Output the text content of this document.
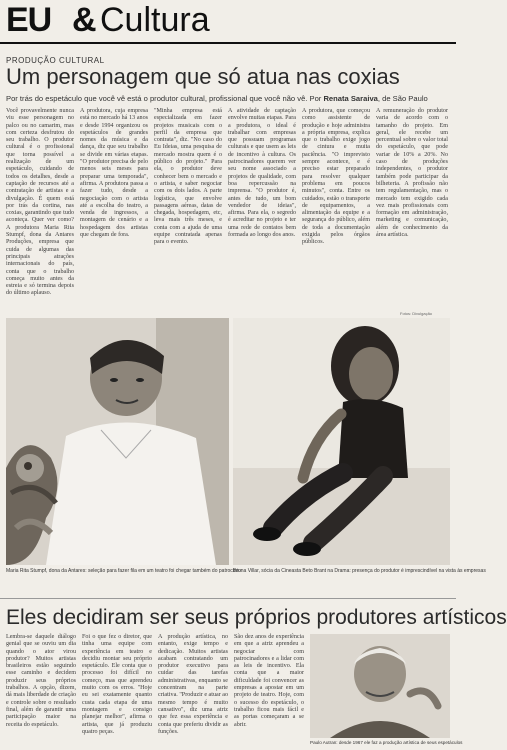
EU & Cultura
PRODUÇÃO CULTURAL
Um personagem que só atua nas coxias
Por trás do espetáculo que você vê está o produtor cultural, profissional que você não vê. Por Renata Saraiva, de São Paulo
Você provavelmente nunca viu esse personagem no palco ou no camarim, mas com certeza desfrutou do seu trabalho. O produtor cultural é o profissional que torna possível a realização de um espetáculo, cuidando de todos os detalhes, desde a captação de recursos até a contratação de artistas e a divulgação. É quem está por trás da cortina, nas coxias, garantindo que tudo aconteça. Quer ver como? A produtora Maria Rita Stumpf, dona da Antares Produções, empresa que cuida de algumas das principais atrações internacionais do país, conta que o trabalho começa muito antes da estreia e só termina depois do último aplauso.
A produtora, cuja empresa está no mercado há 13 anos e desde 1994 organizou os espetáculos de grandes nomes da música e da dança, diz que seu trabalho se divide em várias etapas. "O produtor precisa de pelo menos seis meses para preparar uma temporada", afirma. A produtora passa a fazer tudo, desde a negociação com o artista até a escolha do teatro, a venda de ingressos, a montagem de cenário e a hospedagem dos artistas que chegam de fora.
"Minha empresa está especializada em fazer projetos musicais com o perfil da empresa que contrata", diz. "No caso do Eu Ideias, uma pesquisa de mercado mostra quem é o público do projeto." Para ela, o produtor deve conhecer bem o mercado e o artista, e saber negociar com os dois lados. A parte logística, que envolve passagens aéreas, datas de chegada, hospedagem, etc, leva mais três meses, e conta com a ajuda de uma equipe contratada apenas para o evento.
A atividade de captação envolve muitas etapas. Para a produtora, o ideal é trabalhar com empresas que possuam programas culturais e que usem as leis de incentivo à cultura. Os patrocinadores querem ver seu nome associado a projetos de qualidade, com boa repercussão na imprensa. "O produtor é, antes de tudo, um bom vendedor de ideias", afirma. Para ela, o segredo é acreditar no projeto e ter uma rede de contatos bem formada ao longo dos anos.
A produtora, que começou como assistente de produção e hoje administra a própria empresa, explica que o trabalho exige jogo de cintura e muita paciência. "O imprevisto sempre acontece, e é preciso estar preparado para resolver qualquer problema em poucos minutos", conta. Entre os cuidados, estão o transporte de equipamentos, a alimentação da equipe e a segurança do público, além de toda a documentação exigida pelos órgãos públicos.
A remuneração do produtor varia de acordo com o tamanho do projeto. Em geral, ele recebe um percentual sobre o valor total do espetáculo, que pode variar de 10% a 20%. No caso de produções independentes, o produtor também pode participar da bilheteria. A profissão não tem regulamentação, mas o mercado tem exigido cada vez mais profissionais com formação em administração, marketing e comunicação, além de conhecimento da área artística.
Fotos: Divulgação
Maria Rita Stumpf, dona da Antares: seleção para fazer fila em um teatro foi chegar também do patrocínio
Bruna Villar, sócia da Cineasta Beto Brant na Drama: presença do produtor é imprescindível na vista às empresas
Eles decidiram ser seus próprios produtores artísticos
Lembra-se daquele diálogo genial que se ouviu um dia quando o ator virou produtor? Muitos artistas brasileiros estão seguindo esse caminho e decidem produzir seus próprios trabalhos. A opção, dizem, dá mais liberdade de criação e controle sobre o resultado final, além de garantir uma participação maior na receita do espetáculo.
Foi o que fez o diretor, que tinha uma equipe com experiência em teatro e decidiu montar seu próprio espetáculo. Ele conta que o processo foi difícil no começo, mas que aprendeu muito com os erros. "Hoje eu sei exatamente quanto custa cada etapa de uma montagem e consigo planejar melhor", afirma o artista, que já produziu quatro peças.
A produção artística, no entanto, exige tempo e dedicação. Muitos artistas acabam contratando um produtor executivo para cuidar das tarefas administrativas, enquanto se concentram na parte criativa. "Produzir e atuar ao mesmo tempo é muito cansativo", diz uma atriz que fez essa experiência e conta que preferiu dividir as funções.
São dez anos de experiência em que a atriz aprendeu a negociar com patrocinadores e a lidar com as leis de incentivo. Ela conta que a maior dificuldade foi convencer as empresas a apostar em um projeto de teatro. Hoje, com o sucesso do espetáculo, o trabalho ficou mais fácil e as portas começaram a se abrir.
Paulo Autran: desde 1967 ele faz a produção artística de seus espetáculos
